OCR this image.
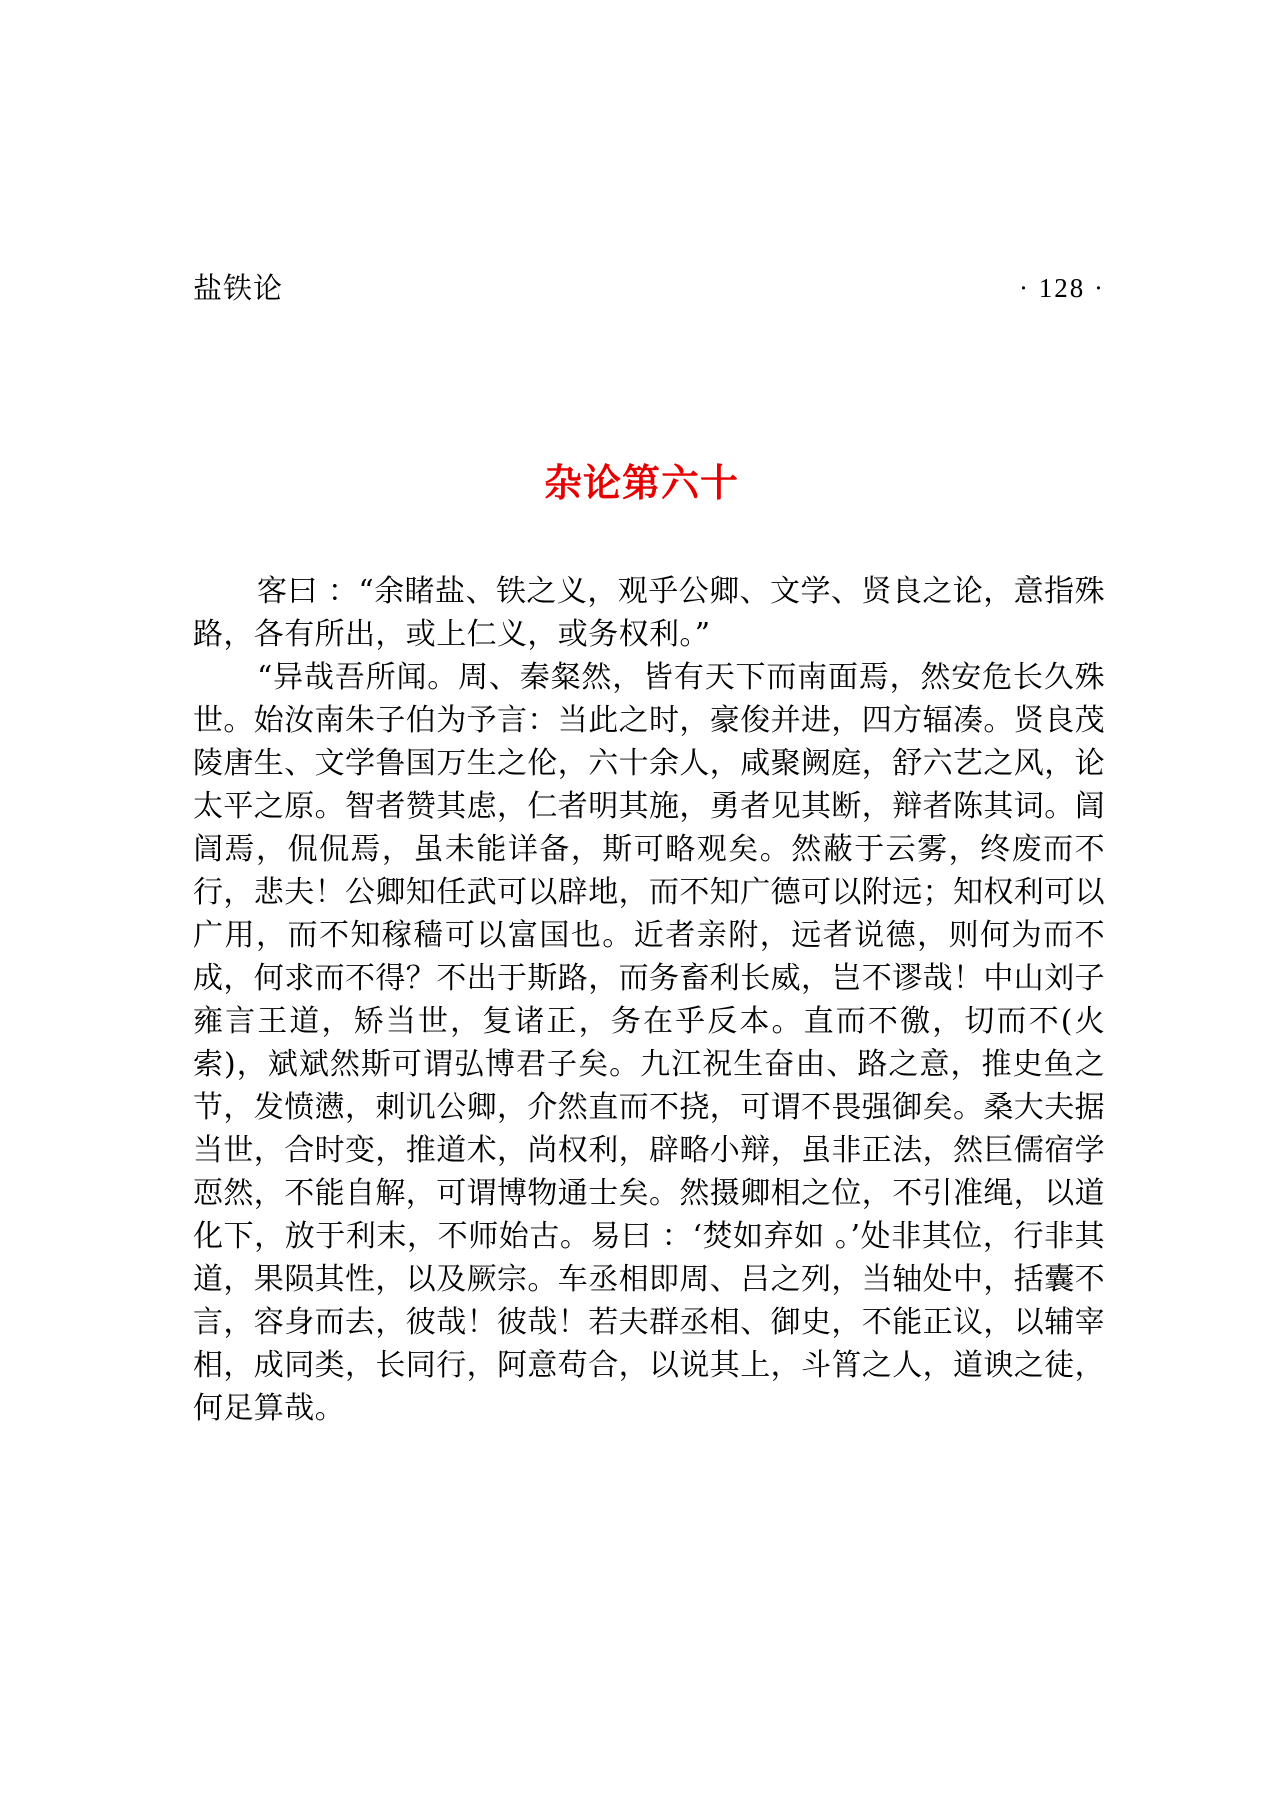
盐铁论	· 128 ·
杂论第六十

客曰 ：“余睹盐、铁之义，观乎公卿、文学、贤良之论，意指殊路，各有所出，或上仁义，或务权利。”

“异哉吾所闻。周、秦粲然，皆有天下而南面焉，然安危长久殊世。始汝南朱子伯为予言：当此之时，豪俊并进，四方辐凑。贤良茂陵唐生、文学鲁国万生之伦，六十余人，咸聚阙庭，舒六艺之风，论太平之原。智者赞其虑，仁者明其施，勇者见其断，辩者陈其词。訚訚焉，侃侃焉，虽未能详备，斯可略观矣。然蔽于云雾，终废而不行，悲夫！公卿知任武可以辟地，而不知广德可以附远；知权利可以广用，而不知稼穑可以富国也。近者亲附，远者说德，则何为而不成，何求而不得？不出于斯路，而务畜利长威，岂不谬哉！中山刘子雍言王道，矫当世，复诸正，务在乎反本。直而不徼，切而不(火索)，斌斌然斯可谓弘博君子矣。九江祝生奋由、路之意，推史鱼之节，发愤懑，刺讥公卿，介然直而不挠，可谓不畏强御矣。桑大夫据当世，合时变，推道术，尚权利，辟略小辩，虽非正法，然巨儒宿学恧然，不能自解，可谓博物通士矣。然摄卿相之位，不引准绳，以道化下，放于利末，不师始古。易曰 ：‘焚如弃如 。’处非其位，行非其道，果陨其性，以及厥宗。车丞相即周、吕之列，当轴处中，括囊不言，容身而去，彼哉！彼哉！若夫群丞相、御史，不能正议，以辅宰相，成同类，长同行，阿意苟合，以说其上，斗筲之人，道谀之徒，何足算哉。
